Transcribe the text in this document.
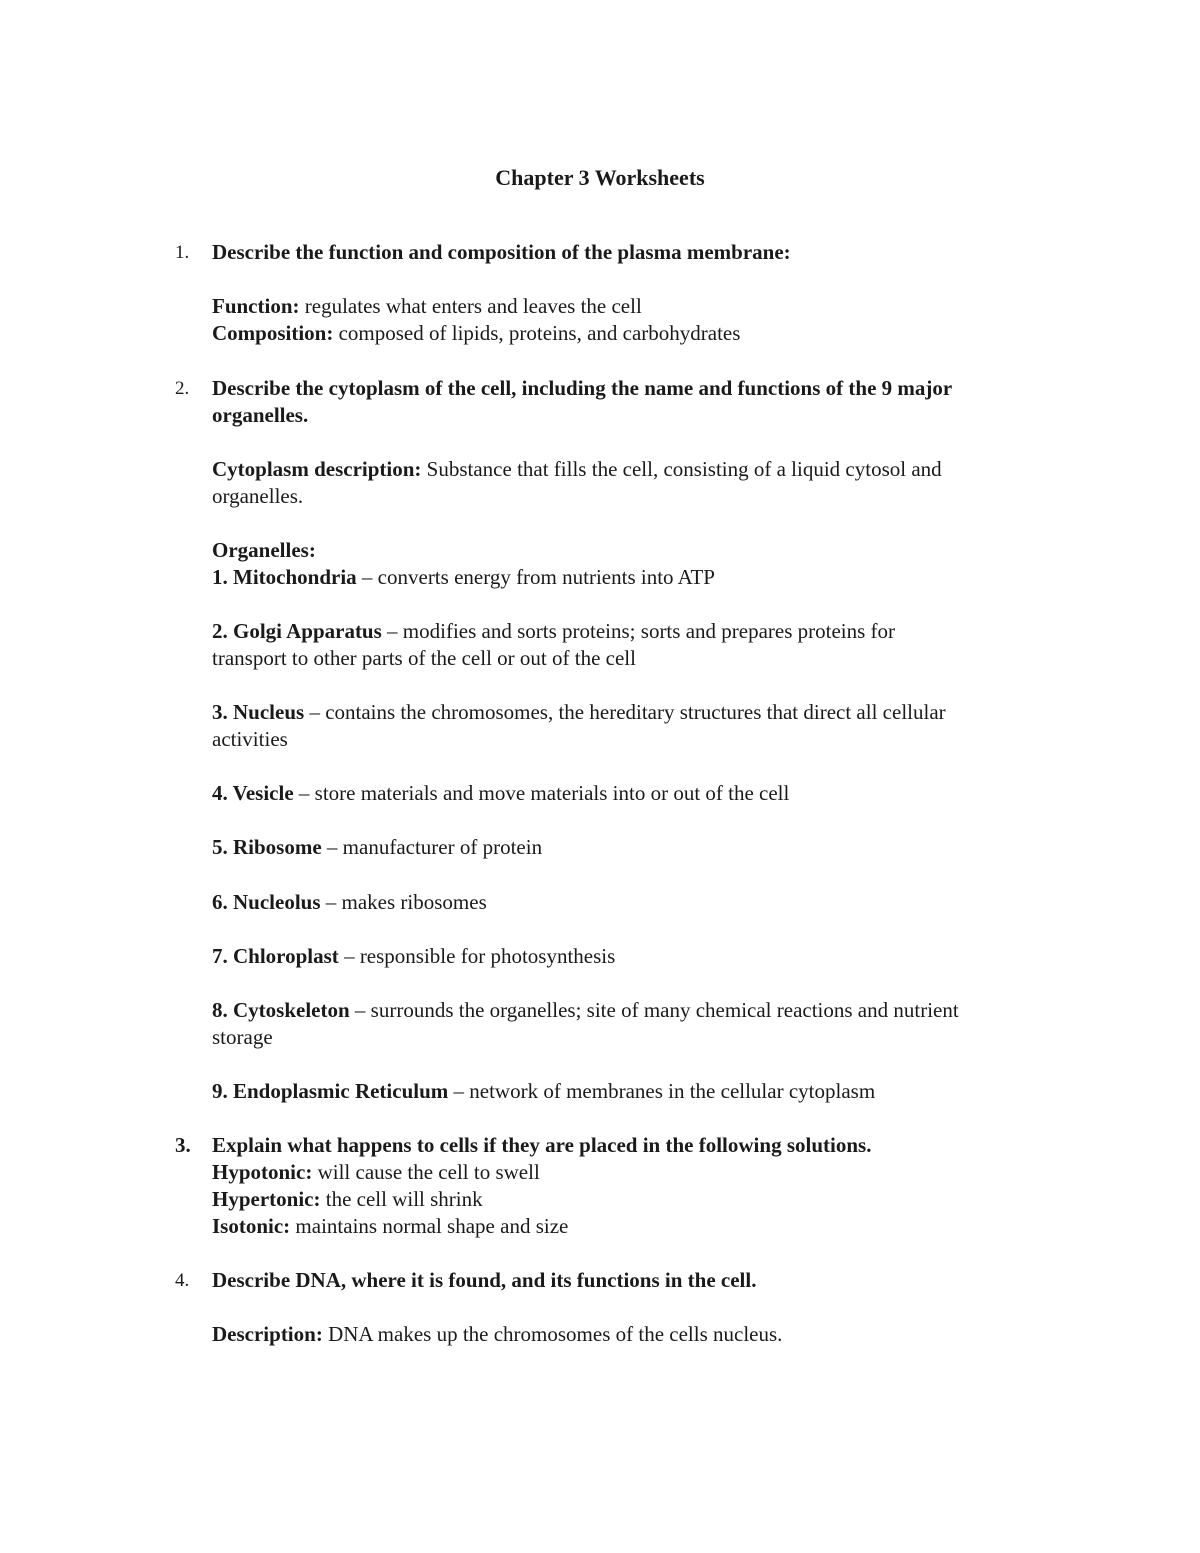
Chapter 3 Worksheets

1. Describe the function and composition of the plasma membrane:

Function: regulates what enters and leaves the cell

Composition: composed of lipids, proteins, and carbohydrates

2. Describe the cytoplasm of the cell, including the name and functions of the 9 major

organelles.

Cytoplasm description: Substance that fills the cell, consisting of a liquid cytosol and

organelles.

Organelles:

1. Mitochondria – converts energy from nutrients into ATP

2. Golgi Apparatus – modifies and sorts proteins; sorts and prepares proteins for

transport to other parts of the cell or out of the cell

3. Nucleus – contains the chromosomes, the hereditary structures that direct all cellular

activities

4. Vesicle – store materials and move materials into or out of the cell

5. Ribosome – manufacturer of protein

6. Nucleolus – makes ribosomes

7. Chloroplast – responsible for photosynthesis

8. Cytoskeleton – surrounds the organelles; site of many chemical reactions and nutrient

storage

9. Endoplasmic Reticulum – network of membranes in the cellular cytoplasm

3. Explain what happens to cells if they are placed in the following solutions.

Hypotonic: will cause the cell to swell

Hypertonic: the cell will shrink

Isotonic: maintains normal shape and size

4. Describe DNA, where it is found, and its functions in the cell.

Description: DNA makes up the chromosomes of the cells nucleus.
